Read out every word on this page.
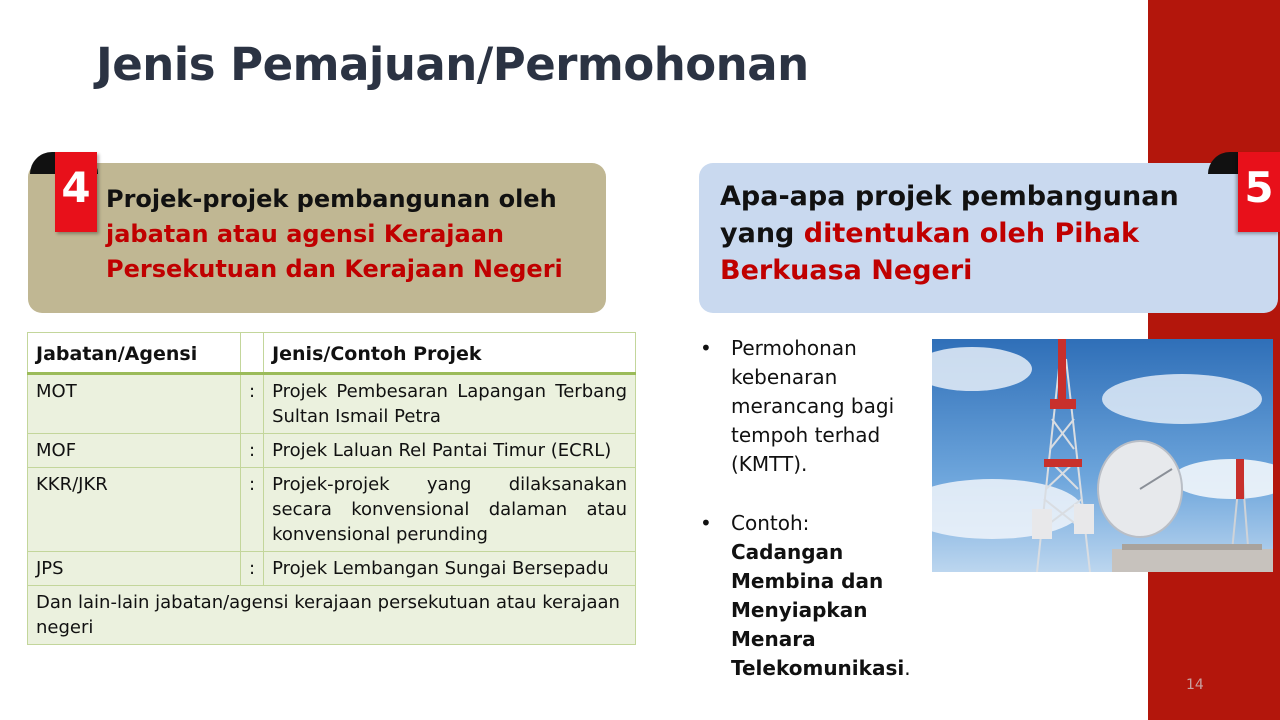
Jenis Pemajuan/Permohonan
4 Projek-projek pembangunan oleh jabatan atau agensi Kerajaan Persekutuan dan Kerajaan Negeri
5
Apa-apa projek pembangunan yang ditentukan oleh Pihak Berkuasa Negeri
Jabatan/Agensi		Jenis/Contoh Projek
MOT	:	Projek Pembesaran Lapangan Terbang Sultan Ismail Petra
MOF	:	Projek Laluan Rel Pantai Timur (ECRL)
KKR/JKR	:	Projek-projek yang dilaksanakan secara konvensional dalaman atau konvensional perunding
JPS	:	Projek Lembangan Sungai Bersepadu
Dan lain-lain jabatan/agensi kerajaan persekutuan atau kerajaan negeri		
• Permohonan kebenaran merancang bagi tempoh terhad (KMTT).
• Contoh:
Cadangan Membina dan Menyiapkan Menara Telekomunikasi.
14
